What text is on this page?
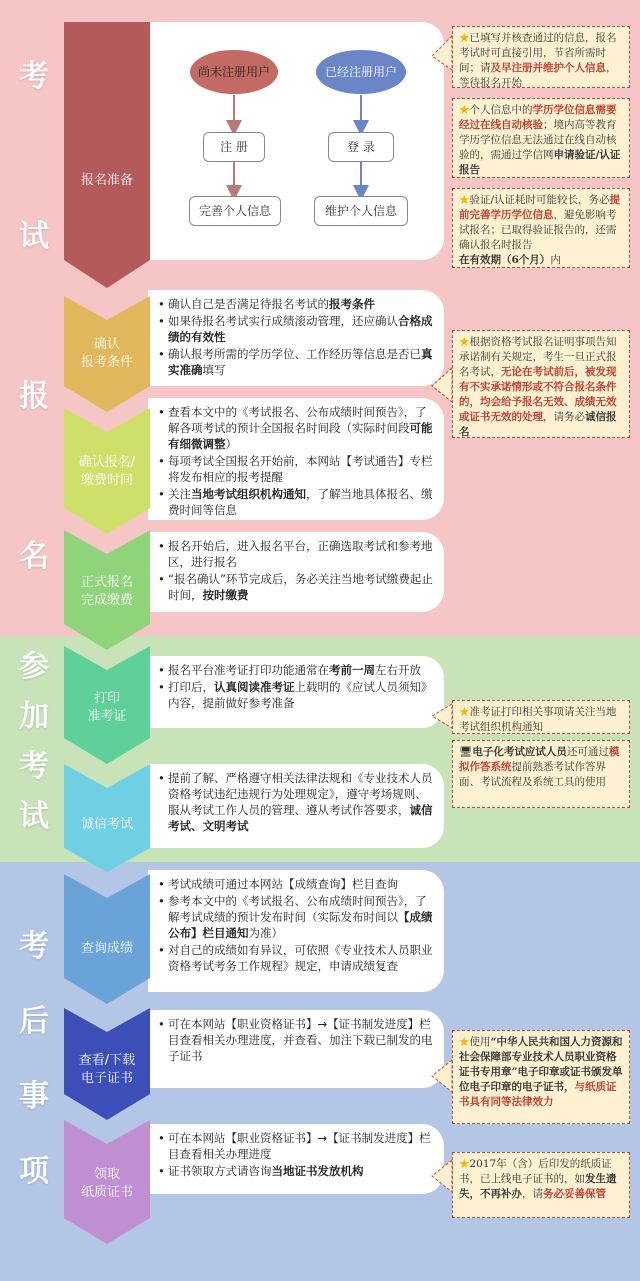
考
试
报
名
参
加
考
试
考
后
事
项
报名准备
尚未注册用户	已经注册用户
注 册	登 录
完善个人信息	维护个人信息
• 确认自己是否满足待报名考试的报考条件
• 如果待报名考试实行成绩滚动管理，还应确认合格成绩的有效性
• 确认报考所需的学历学位、工作经历等信息是否已真实准确填写
确认
报考条件
• 查看本文中的《考试报名、公布成绩时间预告》，了解各项考试的预计全国报名时间段（实际时间段可能有细微调整）
• 每项考试全国报名开始前，本网站【考试通告】专栏将发布相应的报考提醒
• 关注当地考试组织机构通知，了解当地具体报名、缴费时间等信息
确认报名/
缴费时间
• 报名开始后，进入报名平台，正确选取考试和参考地区，进行报名
• “报名确认”环节完成后，务必关注当地考试缴费起止时间，按时缴费
正式报名
完成缴费
• 报名平台准考证打印功能通常在考前一周左右开放
• 打印后，认真阅读准考证上载明的《应试人员须知》内容，提前做好参考准备
打印
准考证
• 提前了解、严格遵守相关法律法规和《专业技术人员资格考试违纪违规行为处理规定》，遵守考场规则、服从考试工作人员的管理、遵从考试作答要求，诚信考试、文明考试
诚信考试
• 考试成绩可通过本网站【成绩查询】栏目查询
• 参考本文中的《考试报名、公布成绩时间预告》，了解考试成绩的预计发布时间（实际发布时间以【成绩公布】栏目通知为准）
• 对自己的成绩如有异议，可依照《专业技术人员职业资格考试考务工作规程》规定，申请成绩复查
查询成绩
• 可在本网站【职业资格证书】→【证书制发进度】栏目查看相关办理进度，并查看、加注下载已制发的电子证书
查看/下载
电子证书
• 可在本网站【职业资格证书】→【证书制发进度】栏目查看相关办理进度
• 证书领取方式请咨询当地证书发放机构
领取
纸质证书
★已填写并核查通过的信息，报名考试时可直接引用，节省所需时间；请及早注册并维护个人信息，等待报名开始
★个人信息中的学历学位信息需要经过在线自动核验；境内高等教育学历学位信息无法通过在线自动核验的，需通过学信网申请验证/认证报告
★验证/认证耗时可能较长，务必提前完善学历学位信息，避免影响考试报名；已取得验证报告的，还需确认报名时报告在有效期（6个月）内
★根据资格考试报名证明事项告知承诺制有关规定，考生一旦正式报名考试，无论在考试前后，被发现有不实承诺情形或不符合报名条件的，均会给予报名无效、成绩无效或证书无效的处理，请务必诚信报名
★准考证打印相关事项请关注当地考试组织机构通知
🖥电子化考试应试人员还可通过模拟作答系统提前熟悉考试作答界面、考试流程及系统工具的使用
★使用“中华人民共和国人力资源和社会保障部专业技术人员职业资格证书专用章”电子印章或证书颁发单位电子印章的电子证书，与纸质证书具有同等法律效力
★2017年（含）后印发的纸质证书，已上线电子证书的，如发生遗失，不再补办，请务必妥善保管
